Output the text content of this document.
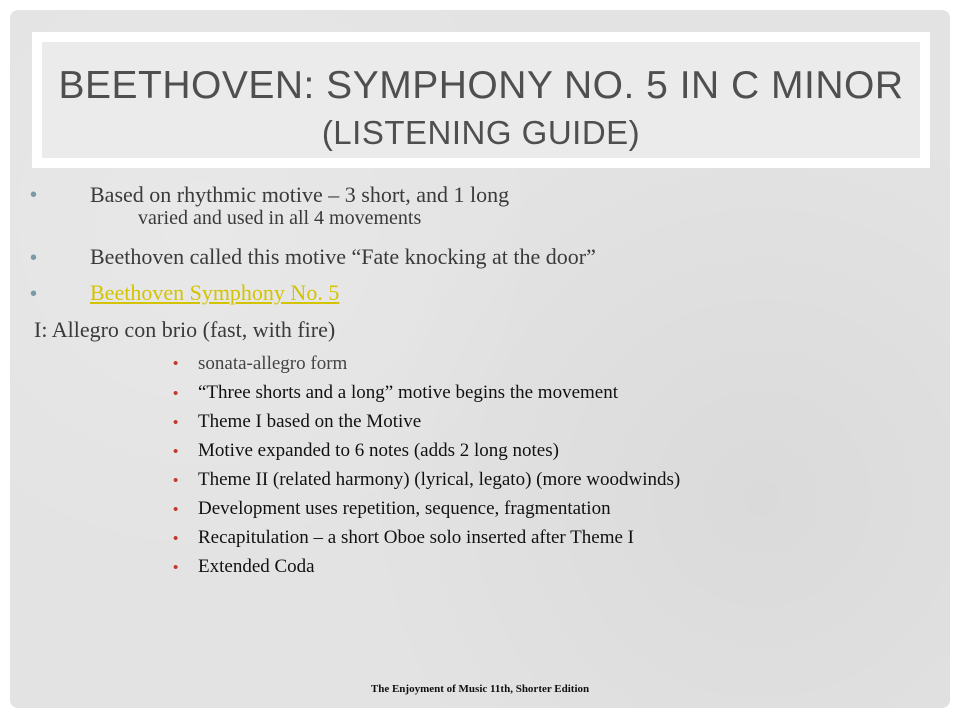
BEETHOVEN: SYMPHONY NO. 5 IN C MINOR
(LISTENING GUIDE)
• Based on rhythmic motive – 3 short, and 1 long
varied and used in all 4 movements
• Beethoven called this motive “Fate knocking at the door”
• Beethoven Symphony No. 5
I: Allegro con brio (fast, with fire)
• sonata-allegro form
• “Three shorts and a long” motive begins the movement
• Theme I based on the Motive
• Motive expanded to 6 notes (adds 2 long notes)
• Theme II (related harmony) (lyrical, legato) (more woodwinds)
• Development uses repetition, sequence, fragmentation
• Recapitulation – a short Oboe solo inserted after Theme I
• Extended Coda
The Enjoyment of Music 11th, Shorter Edition
